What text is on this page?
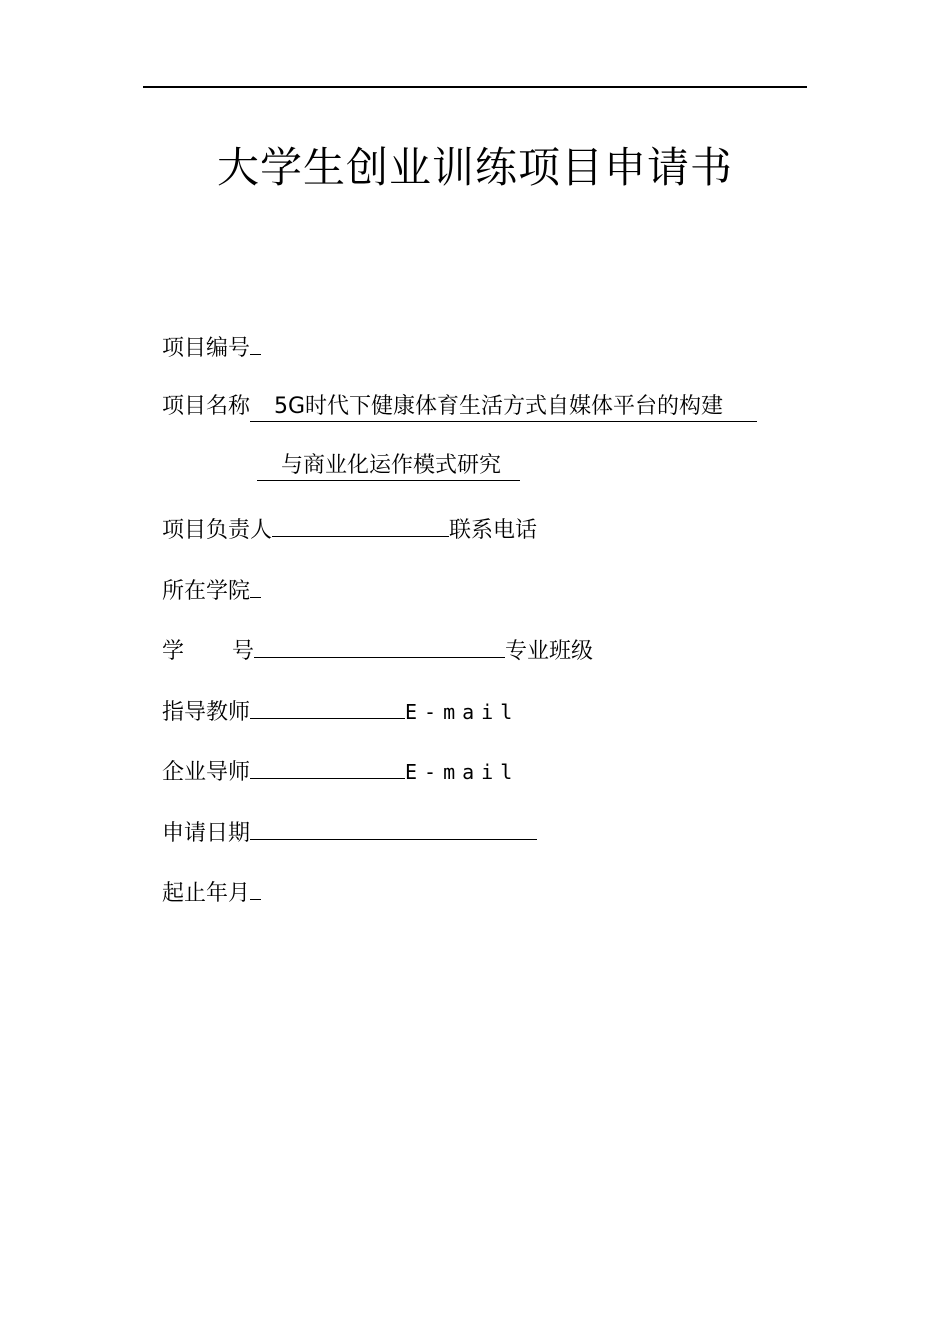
大学生创业训练项目申请书
项目编号
项目名称	5G时代下健康体育生活方式自媒体平台的构建
与商业化运作模式研究
项目负责人	联系电话
所在学院
学 号	专业班级
指导教师	E-mail
企业导师	E-mail
申请日期
起止年月
